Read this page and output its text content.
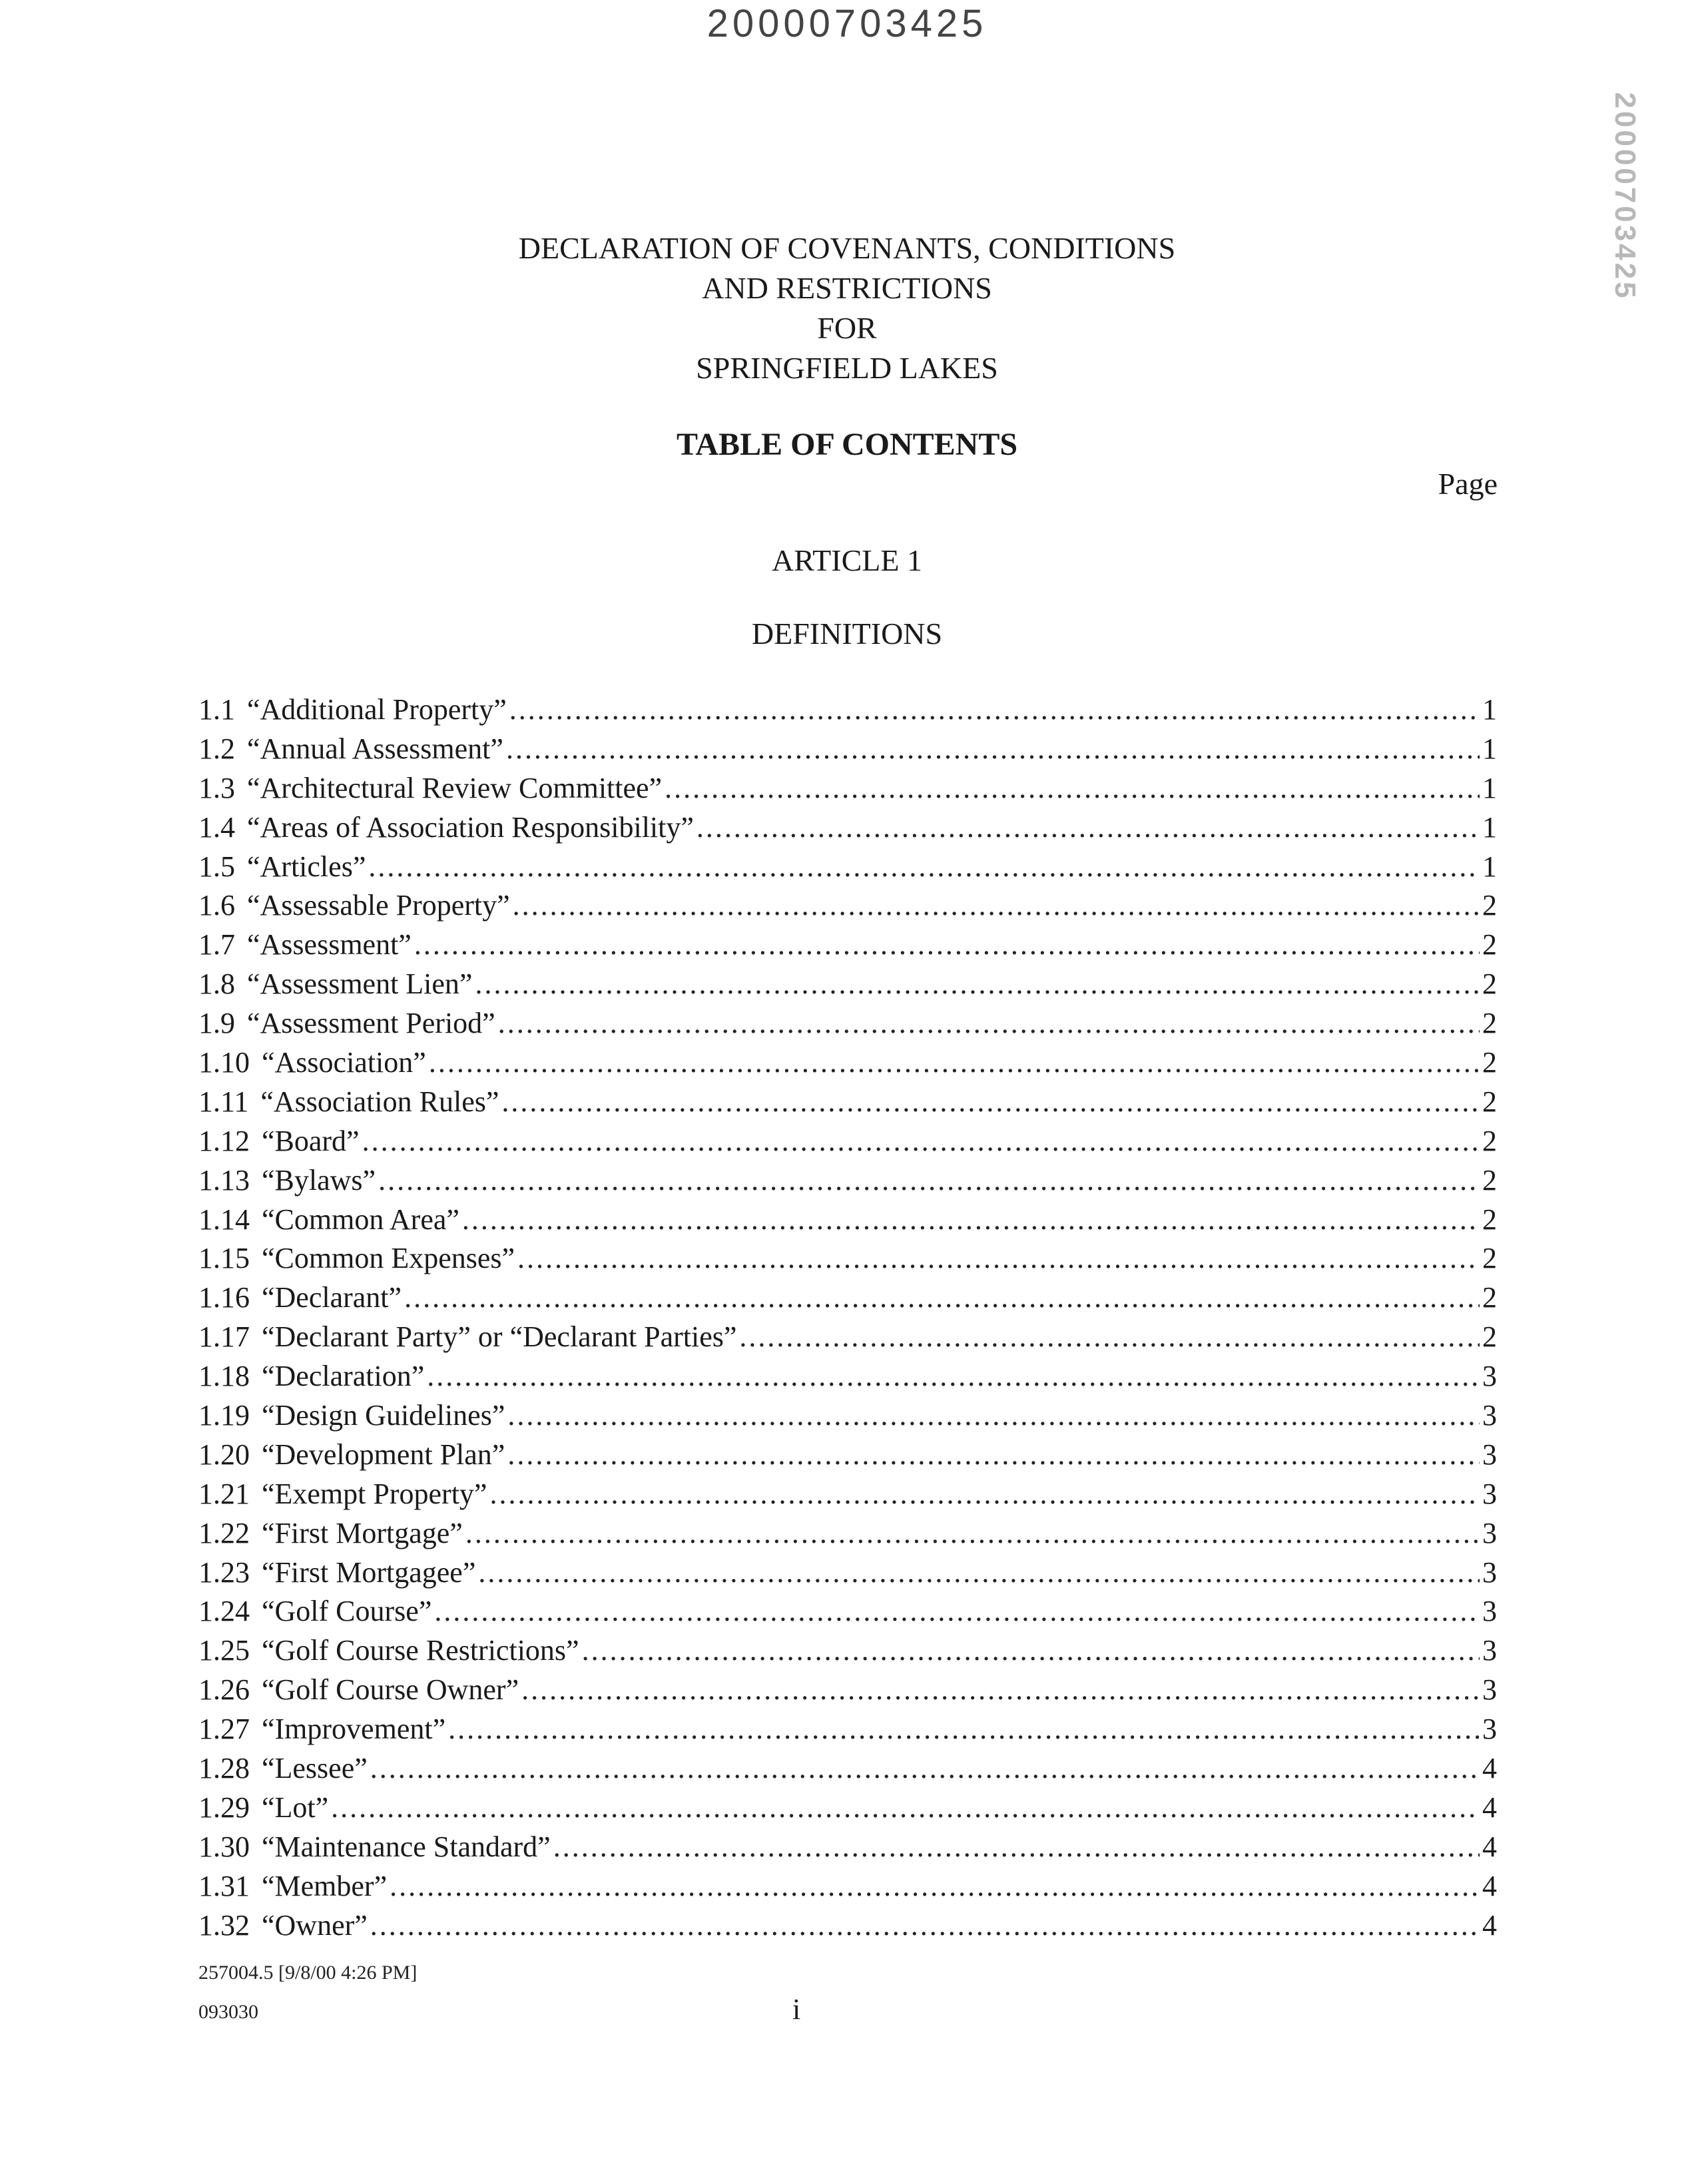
20000703425
20000703425
DECLARATION OF COVENANTS, CONDITIONS
AND RESTRICTIONS
FOR
SPRINGFIELD LAKES
TABLE OF CONTENTS
Page
ARTICLE 1
DEFINITIONS
1.1 “Additional Property” .....	1
1.2 “Annual Assessment” .....	1
1.3 “Architectural Review Committee” .....	1
1.4 “Areas of Association Responsibility” .....	1
1.5 “Articles” .....	1
1.6 “Assessable Property” .....	2
1.7 “Assessment” .....	2
1.8 “Assessment Lien” .....	2
1.9 “Assessment Period” .....	2
1.10 “Association” .....	2
1.11 “Association Rules” .....	2
1.12 “Board” .....	2
1.13 “Bylaws” .....	2
1.14 “Common Area” .....	2
1.15 “Common Expenses” .....	2
1.16 “Declarant” .....	2
1.17 “Declarant Party” or “Declarant Parties” .....	2
1.18 “Declaration” .....	3
1.19 “Design Guidelines” .....	3
1.20 “Development Plan” .....	3
1.21 “Exempt Property” .....	3
1.22 “First Mortgage” .....	3
1.23 “First Mortgagee” .....	3
1.24 “Golf Course” .....	3
1.25 “Golf Course Restrictions” .....	3
1.26 “Golf Course Owner” .....	3
1.27 “Improvement” .....	3
1.28 “Lessee” .....	4
1.29 “Lot” .....	4
1.30 “Maintenance Standard” .....	4
1.31 “Member” .....	4
1.32 “Owner” .....	4
257004.5 [9/8/00 4:26 PM]
093030	i
